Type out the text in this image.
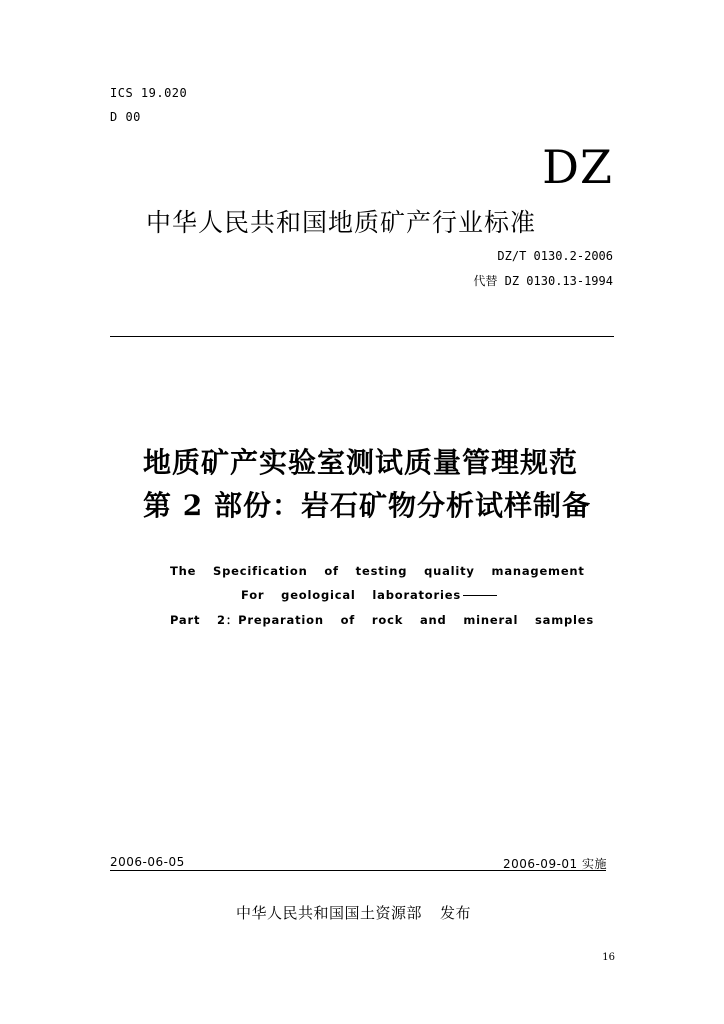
ICS 19.020
D 00
DZ
中华人民共和国地质矿产行业标准
DZ/T 0130.2-2006
代替 DZ 0130.13-1994
地质矿产实验室测试质量管理规范
第 2 部份：岩石矿物分析试样制备
The Specification of testing quality management
For geological laboratories
Part 2：Preparation of rock and mineral samples
2006-06-05	2006-09-01 实施
中华人民共和国国土资源部 发布
16
